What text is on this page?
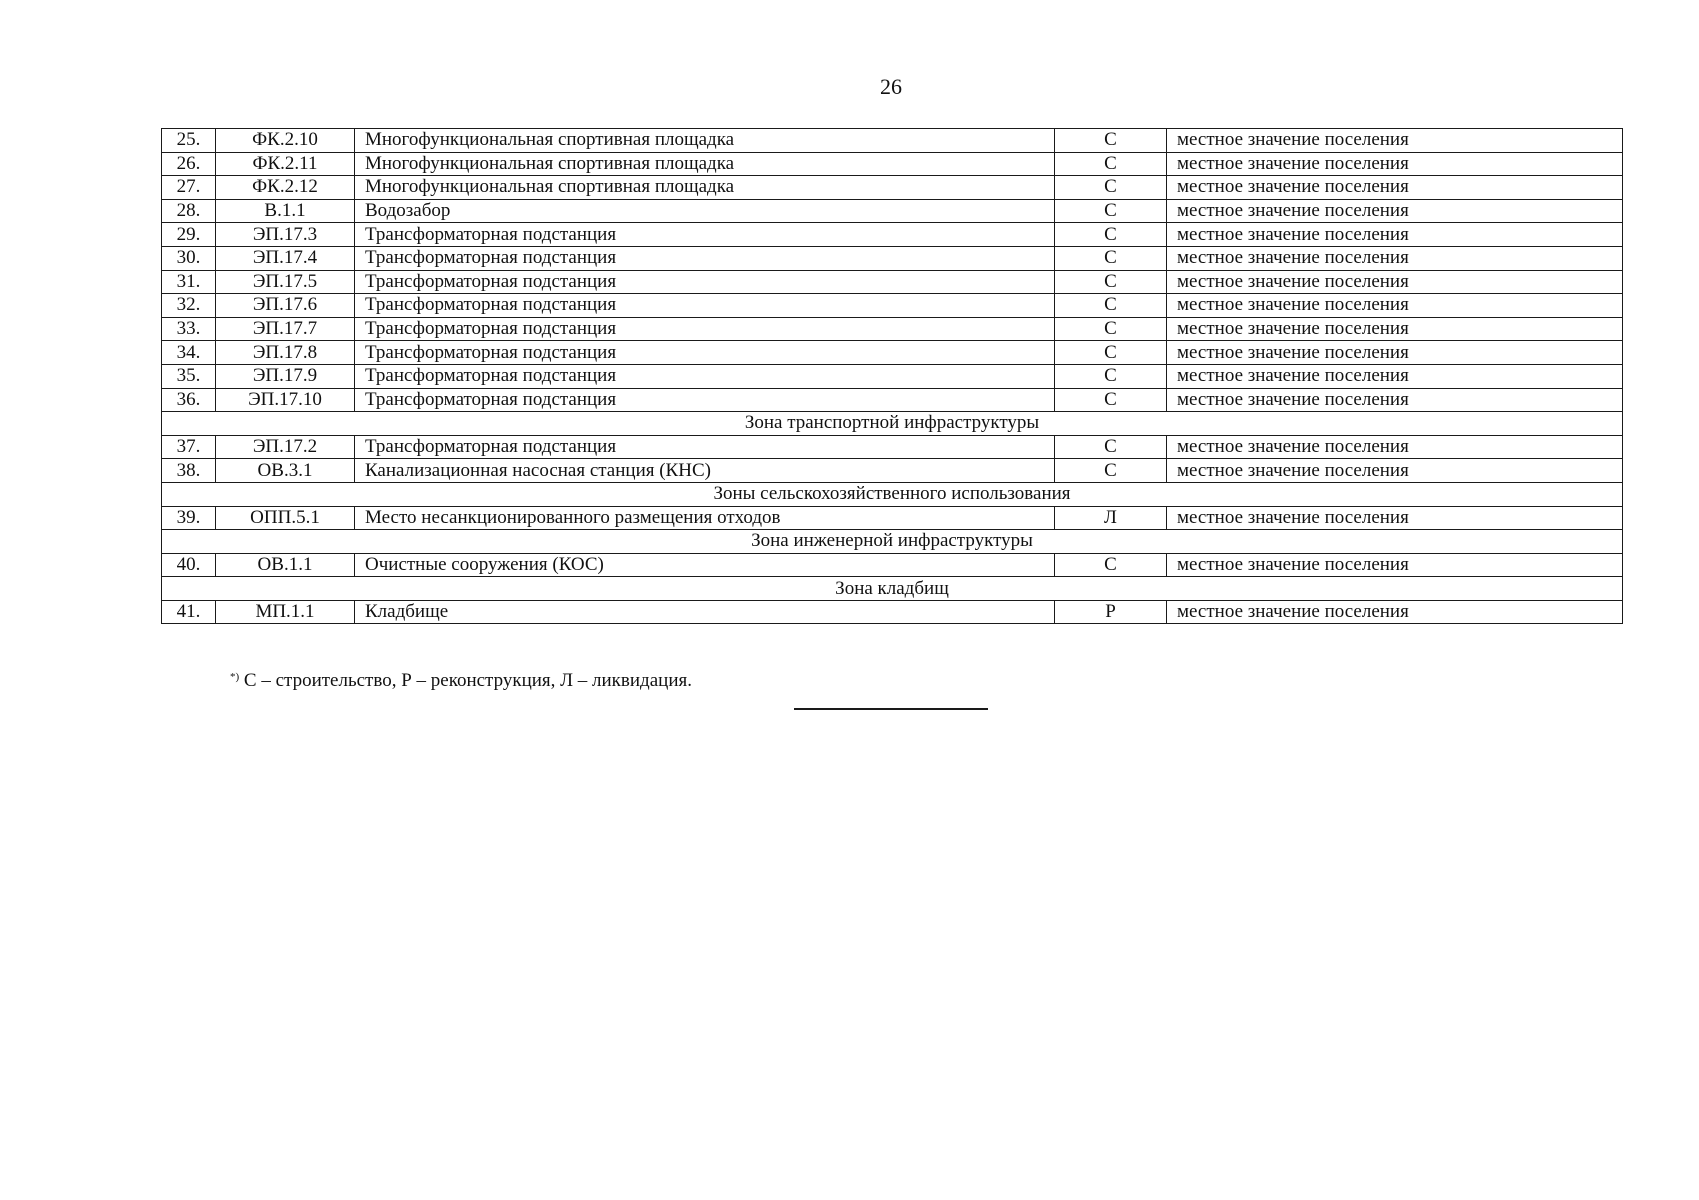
26
25.	ФК.2.10	Многофункциональная спортивная площадка	С	местное значение поселения
26.	ФК.2.11	Многофункциональная спортивная площадка	С	местное значение поселения
27.	ФК.2.12	Многофункциональная спортивная площадка	С	местное значение поселения
28.	В.1.1	Водозабор	С	местное значение поселения
29.	ЭП.17.3	Трансформаторная подстанция	С	местное значение поселения
30.	ЭП.17.4	Трансформаторная подстанция	С	местное значение поселения
31.	ЭП.17.5	Трансформаторная подстанция	С	местное значение поселения
32.	ЭП.17.6	Трансформаторная подстанция	С	местное значение поселения
33.	ЭП.17.7	Трансформаторная подстанция	С	местное значение поселения
34.	ЭП.17.8	Трансформаторная подстанция	С	местное значение поселения
35.	ЭП.17.9	Трансформаторная подстанция	С	местное значение поселения
36.	ЭП.17.10	Трансформаторная подстанция	С	местное значение поселения
Зона транспортной инфраструктуры				
37.	ЭП.17.2	Трансформаторная подстанция	С	местное значение поселения
38.	ОВ.3.1	Канализационная насосная станция (КНС)	С	местное значение поселения
Зоны сельскохозяйственного использования				
39.	ОПП.5.1	Место несанкционированного размещения отходов	Л	местное значение поселения
Зона инженерной инфраструктуры				
40.	ОВ.1.1	Очистные сооружения (КОС)	С	местное значение поселения
Зона кладбищ				
41.	МП.1.1	Кладбище	Р	местное значение поселения
*) С – строительство, Р – реконструкция, Л – ликвидация.
